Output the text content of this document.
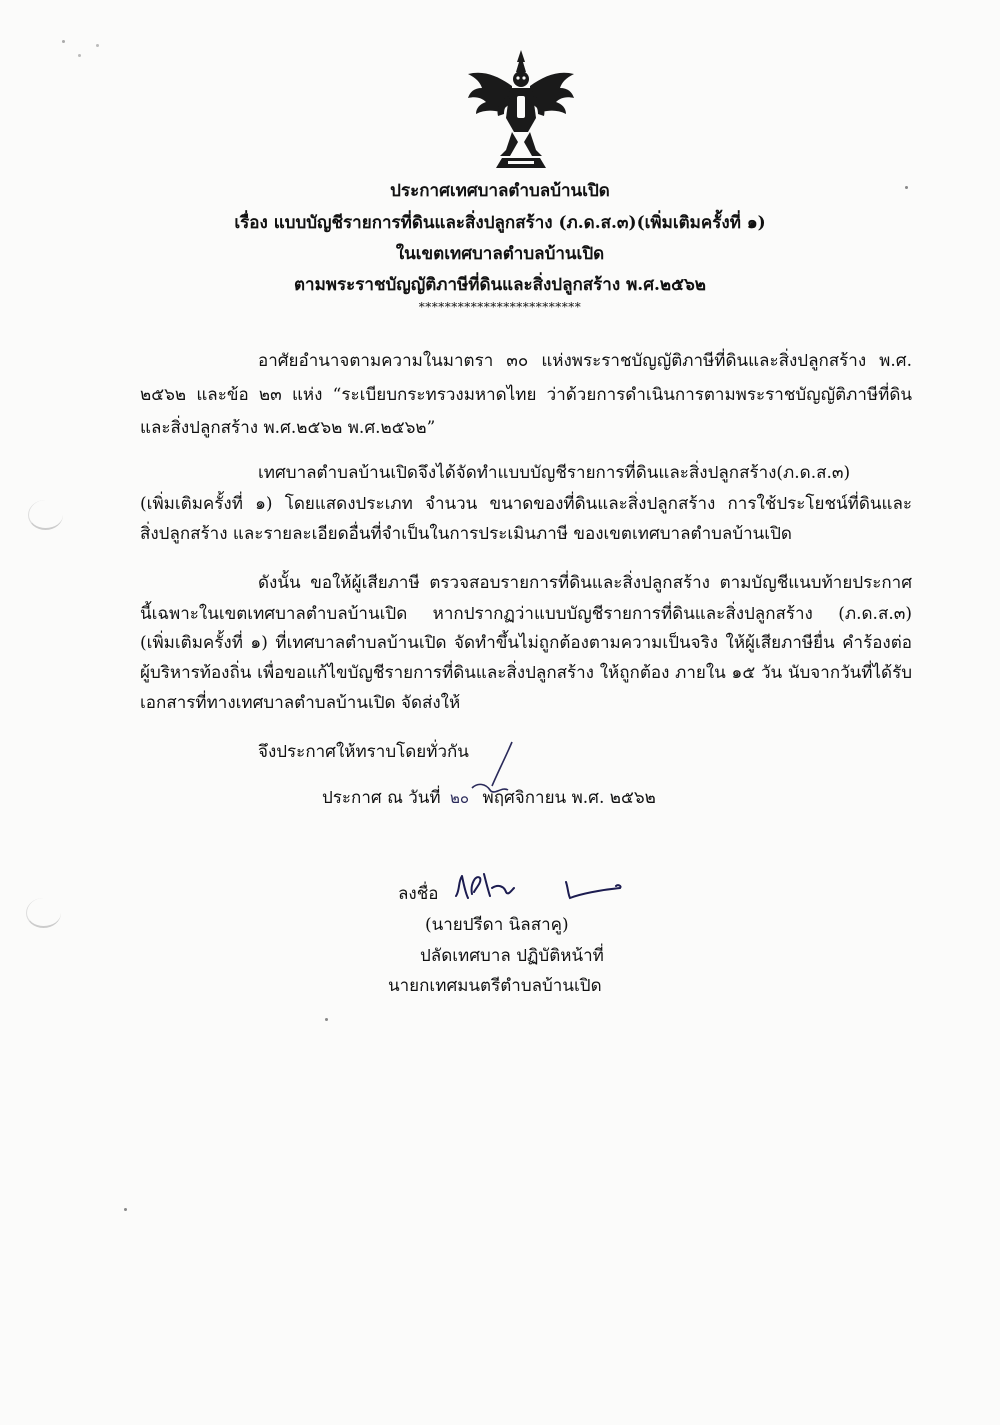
ประกาศเทศบาลตำบลบ้านเปิด
เรื่อง แบบบัญชีรายการที่ดินและสิ่งปลูกสร้าง (ภ.ด.ส.๓)(เพิ่มเติมครั้งที่ ๑)
ในเขตเทศบาลตำบลบ้านเปิด
ตามพระราชบัญญัติภาษีที่ดินและสิ่งปลูกสร้าง พ.ศ.๒๕๖๒
*************************
อาศัยอำนาจตามความในมาตรา ๓๐ แห่งพระราชบัญญัติภาษีที่ดินและสิ่งปลูกสร้าง พ.ศ.
๒๕๖๒ และข้อ ๒๓ แห่ง “ระเบียบกระทรวงมหาดไทย ว่าด้วยการดำเนินการตามพระราชบัญญัติภาษีที่ดิน
และสิ่งปลูกสร้าง พ.ศ.๒๕๖๒ พ.ศ.๒๕๖๒”
เทศบาลตำบลบ้านเปิดจึงได้จัดทำแบบบัญชีรายการที่ดินและสิ่งปลูกสร้าง(ภ.ด.ส.๓)
(เพิ่มเติมครั้งที่ ๑) โดยแสดงประเภท จำนวน ขนาดของที่ดินและสิ่งปลูกสร้าง การใช้ประโยชน์ที่ดินและ
สิ่งปลูกสร้าง และรายละเอียดอื่นที่จำเป็นในการประเมินภาษี ของเขตเทศบาลตำบลบ้านเปิด
ดังนั้น ขอให้ผู้เสียภาษี ตรวจสอบรายการที่ดินและสิ่งปลูกสร้าง ตามบัญชีแนบท้ายประกาศ
นี้เฉพาะในเขตเทศบาลตำบลบ้านเปิด หากปรากฏว่าแบบบัญชีรายการที่ดินและสิ่งปลูกสร้าง (ภ.ด.ส.๓)
(เพิ่มเติมครั้งที่ ๑) ที่เทศบาลตำบลบ้านเปิด จัดทำขึ้นไม่ถูกต้องตามความเป็นจริง ให้ผู้เสียภาษียื่น คำร้องต่อ
ผู้บริหารท้องถิ่น เพื่อขอแก้ไขบัญชีรายการที่ดินและสิ่งปลูกสร้าง ให้ถูกต้อง ภายใน ๑๕ วัน นับจากวันที่ได้รับ
เอกสารที่ทางเทศบาลตำบลบ้านเปิด จัดส่งให้
จึงประกาศให้ทราบโดยทั่วกัน
ประกาศ ณ วันที่ ๒๐ พฤศจิกายน พ.ศ. ๒๕๖๒
ลงชื่อ
(นายปรีดา นิลสาคู)
ปลัดเทศบาล ปฏิบัติหน้าที่
นายกเทศมนตรีตำบลบ้านเปิด
